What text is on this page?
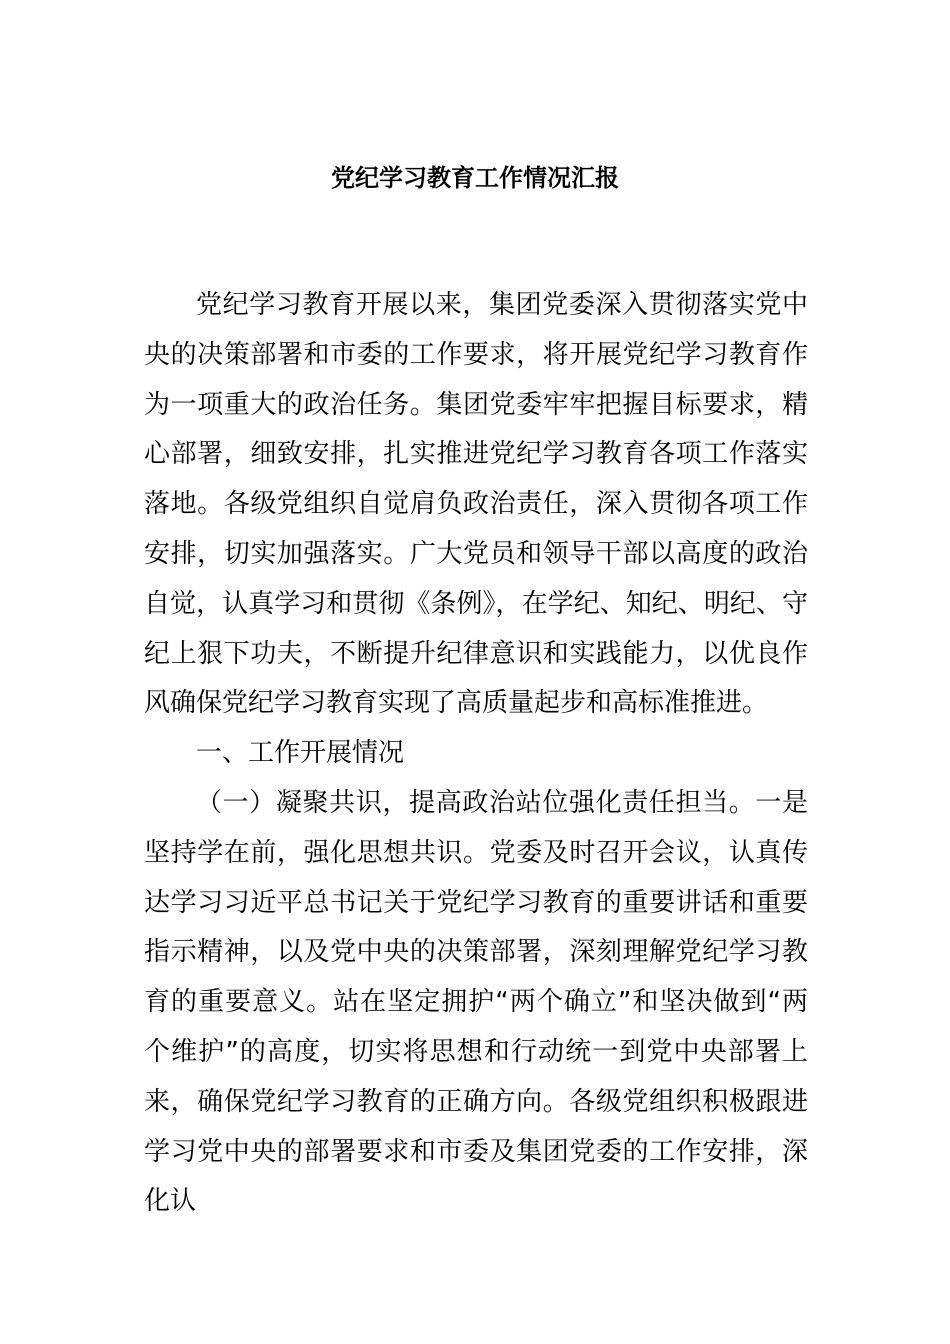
党纪学习教育工作情况汇报

党纪学习教育开展以来，集团党委深入贯彻落实党中央的决策部署和市委的工作要求，将开展党纪学习教育作为一项重大的政治任务。集团党委牢牢把握目标要求，精心部署，细致安排，扎实推进党纪学习教育各项工作落实落地。各级党组织自觉肩负政治责任，深入贯彻各项工作安排，切实加强落实。广大党员和领导干部以高度的政治自觉，认真学习和贯彻《条例》，在学纪、知纪、明纪、守纪上狠下功夫，不断提升纪律意识和实践能力，以优良作风确保党纪学习教育实现了高质量起步和高标准推进。

一、工作开展情况

（一）凝聚共识，提高政治站位强化责任担当。一是坚持学在前，强化思想共识。党委及时召开会议，认真传达学习习近平总书记关于党纪学习教育的重要讲话和重要指示精神，以及党中央的决策部署，深刻理解党纪学习教育的重要意义。站在坚定拥护“两个确立”和坚决做到“两个维护”的高度，切实将思想和行动统一到党中央部署上来，确保党纪学习教育的正确方向。各级党组织积极跟进学习党中央的部署要求和市委及集团党委的工作安排，深化认
